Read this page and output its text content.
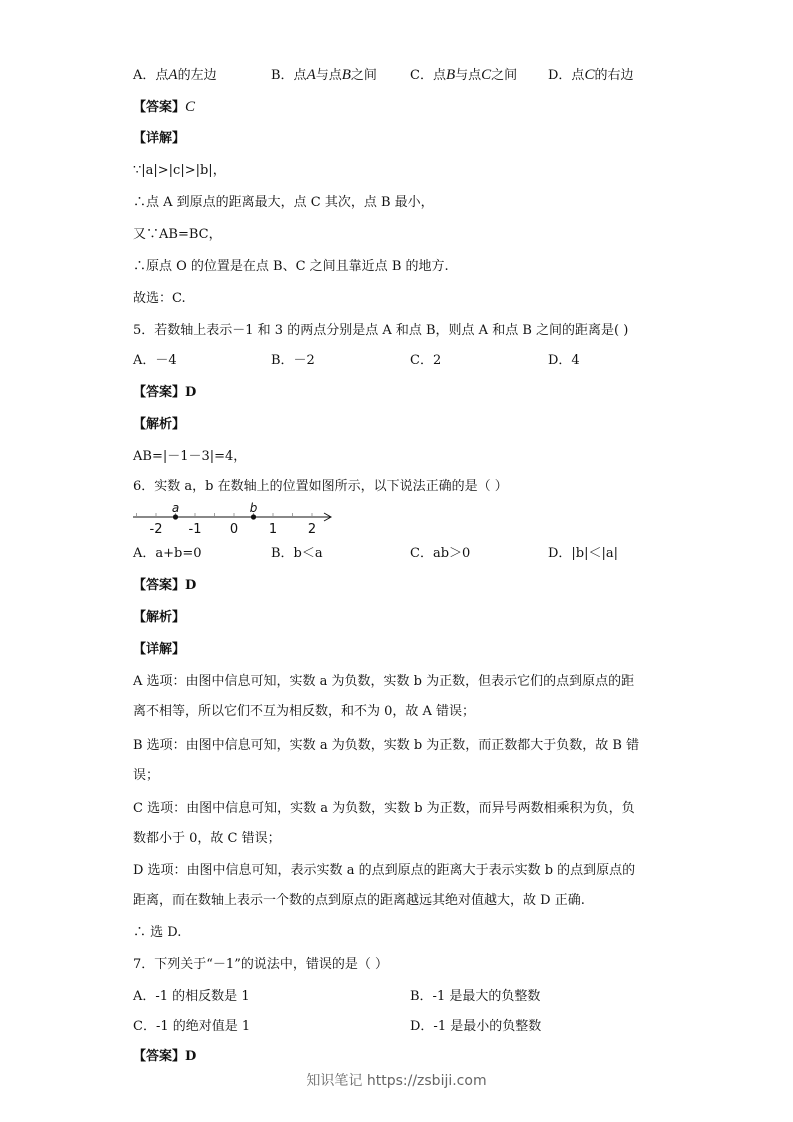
A．点A的左边	B．点A与点B之间	C．点B与点C之间 D．点C的右边
【答案】C
【详解】
∵|a|>|c|>|b|，
∴点 A 到原点的距离最大，点 C 其次，点 B 最小，
又∵AB=BC，
∴原点 O 的位置是在点 B、C 之间且靠近点 B 的地方.
故选：C.
5．若数轴上表示－1 和 3 的两点分别是点 A 和点 B，则点 A 和点 B 之间的距离是( )
A．－4	B．－2	C．2	D．4
【答案】D
【解析】
AB=|－1－3|=4，
6．实数 a，b 在数轴上的位置如图所示，以下说法正确的是（ ）
-2 -1 0 1 2
a	b
A．a+b=0	B．b＜a	C．ab＞0	D．|b|＜|a|
【答案】D
【解析】
【详解】
A 选项：由图中信息可知，实数 a 为负数，实数 b 为正数，但表示它们的点到原点的距
离不相等，所以它们不互为相反数，和不为 0，故 A 错误；
B 选项：由图中信息可知，实数 a 为负数，实数 b 为正数，而正数都大于负数，故 B 错
误；
C 选项：由图中信息可知，实数 a 为负数，实数 b 为正数，而异号两数相乘积为负，负
数都小于 0，故 C 错误；
D 选项：由图中信息可知，表示实数 a 的点到原点的距离大于表示实数 b 的点到原点的
距离，而在数轴上表示一个数的点到原点的距离越远其绝对值越大，故 D 正确.
∴ 选 D.
7．下列关于“－1”的说法中，错误的是（ ）
A．-1 的相反数是 1	B．-1 是最大的负整数
C．-1 的绝对值是 1	D．-1 是最小的负整数
【答案】D
知识笔记 https://zsbiji.com
